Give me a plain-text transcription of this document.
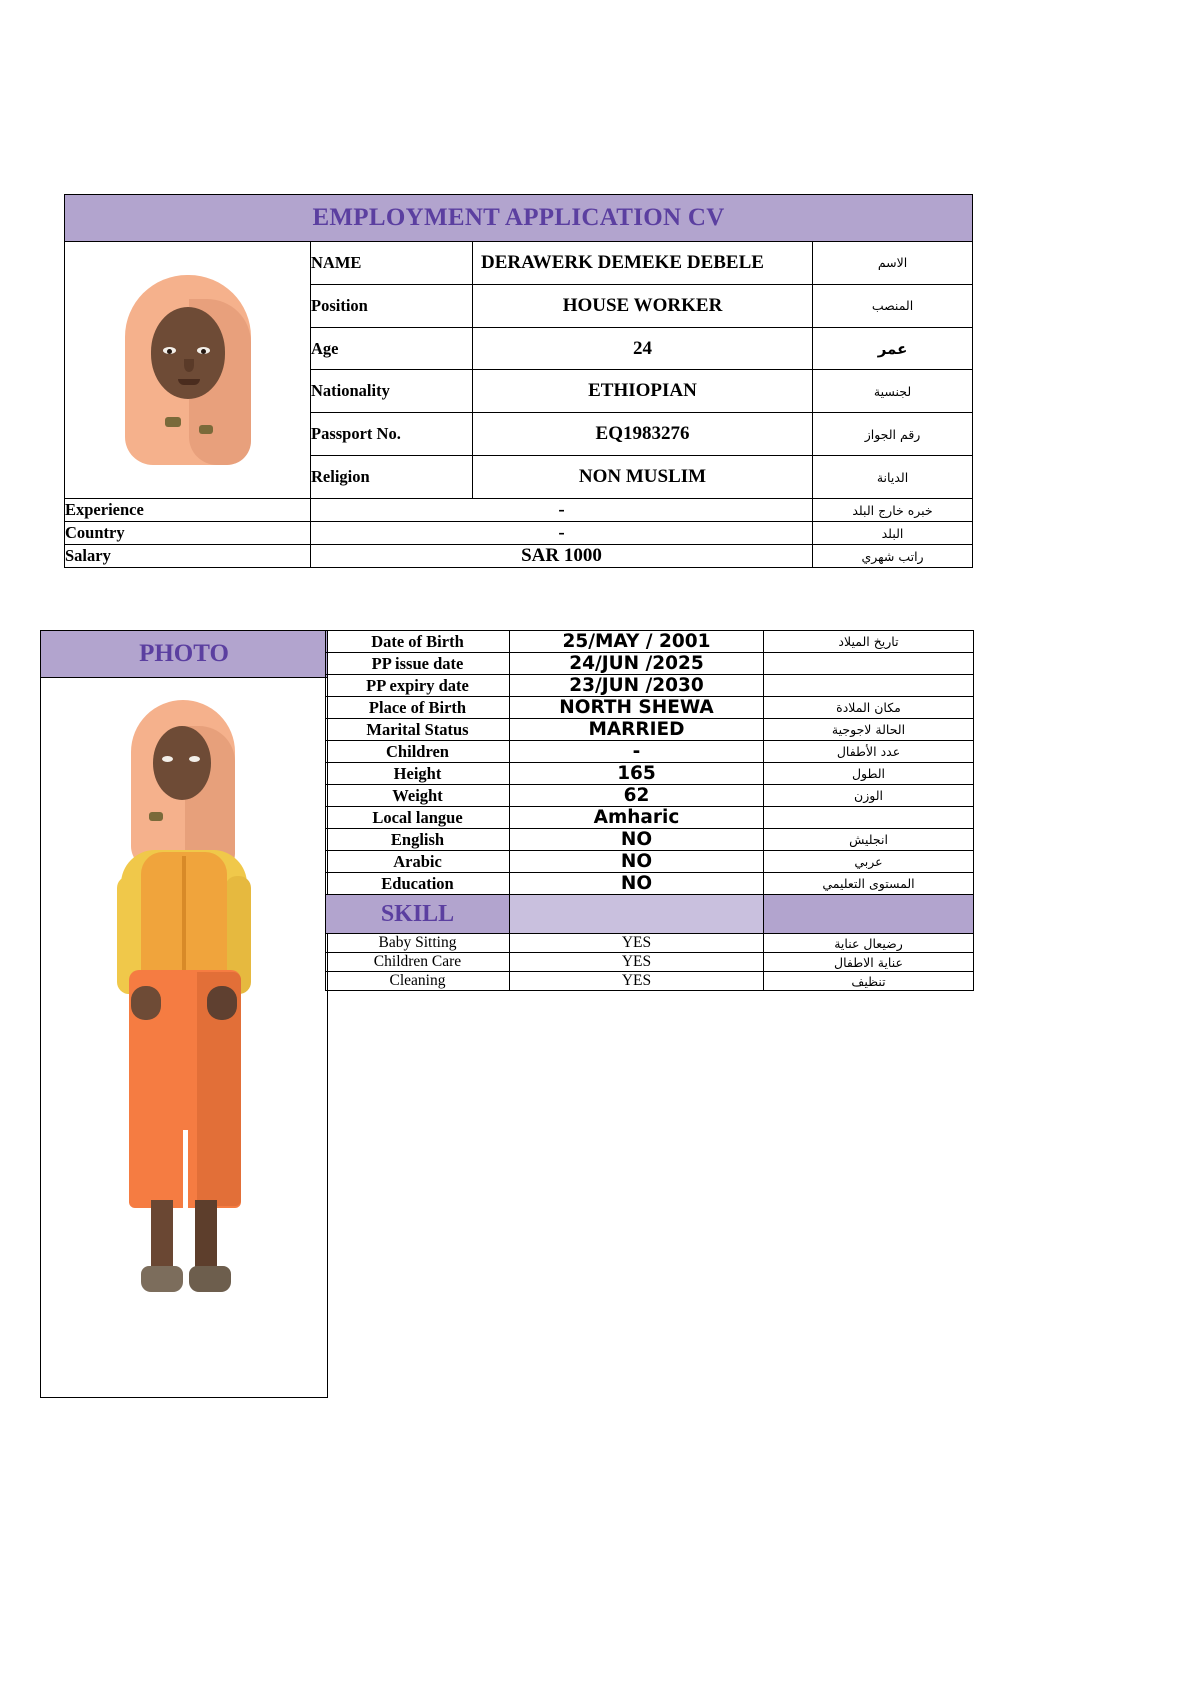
EMPLOYMENT APPLICATION CV			

	NAME	DERAWERK DEMEKE DEBELE	الاسم
	Position	HOUSE WORKER	المنصب
	Age	24	عمر
	Nationality	ETHIOPIAN	لجنسية
	Passport No.	EQ1983276	رقم الجواز
	Religion	NON MUSLIM	الديانة
Experience	-		خبره خارج البلد
Country	-		البلد
Salary	SAR 1000		راتب شهري
PHOTO	Date of Birth	25/MAY / 2001	تاريخ الميلاد
PP issue date	24/JUN /2025	
PP expiry date	23/JUN /2030	
Place of Birth	NORTH SHEWA	مكان الملادة
Marital Status	MARRIED	الحالة لاجوجية
Children	-	عدد الأطفال
Height	165	الطول
Weight	62	الوزن
Local langue	Amharic	
English	NO	انجليش
Arabic	NO	عربي
Education	NO	المستوى التعليمي
SKILL		
Baby Sitting	YES	رضيعال عناية
Children Care	YES	عناية الاطفال
Cleaning	YES	تنظيف
